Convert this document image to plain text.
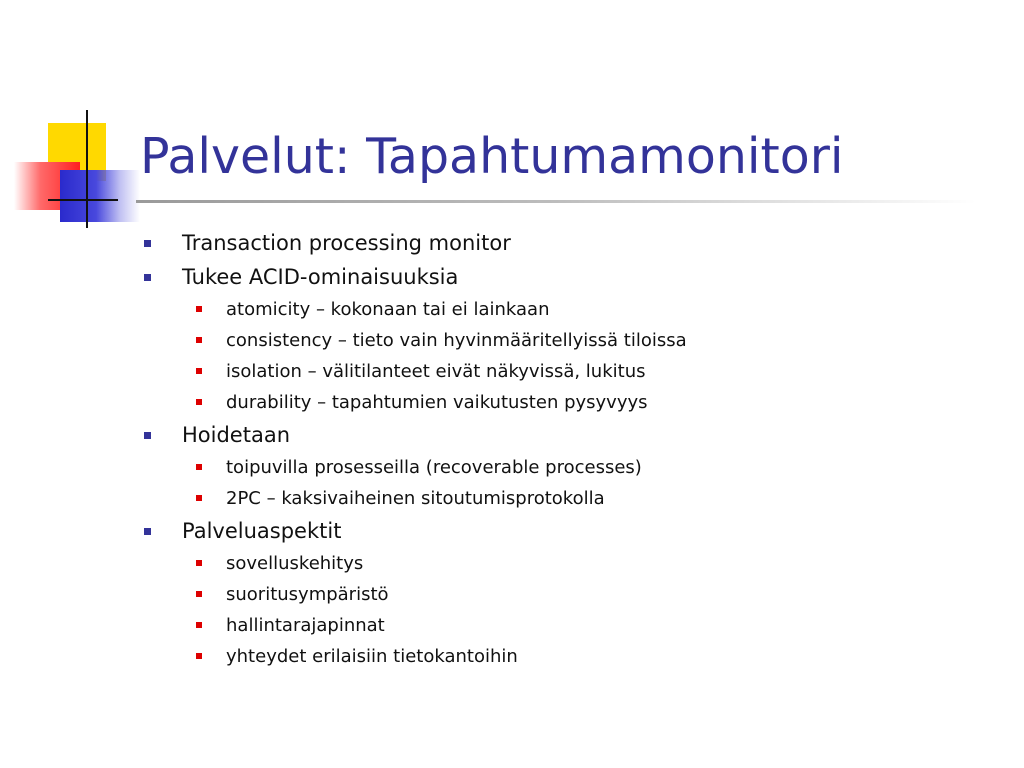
Palvelut: Tapahtumamonitori
Transaction processing monitor
Tukee ACID-ominaisuuksia
atomicity – kokonaan tai ei lainkaan
consistency – tieto vain hyvinmääritellyissä tiloissa
isolation – välitilanteet eivät näkyvissä, lukitus
durability – tapahtumien vaikutusten pysyvyys
Hoidetaan
toipuvilla prosesseilla (recoverable processes)
2PC – kaksivaiheinen sitoutumisprotokolla
Palveluaspektit
sovelluskehitys
suoritusympäristö
hallintarajapinnat
yhteydet erilaisiin tietokantoihin
